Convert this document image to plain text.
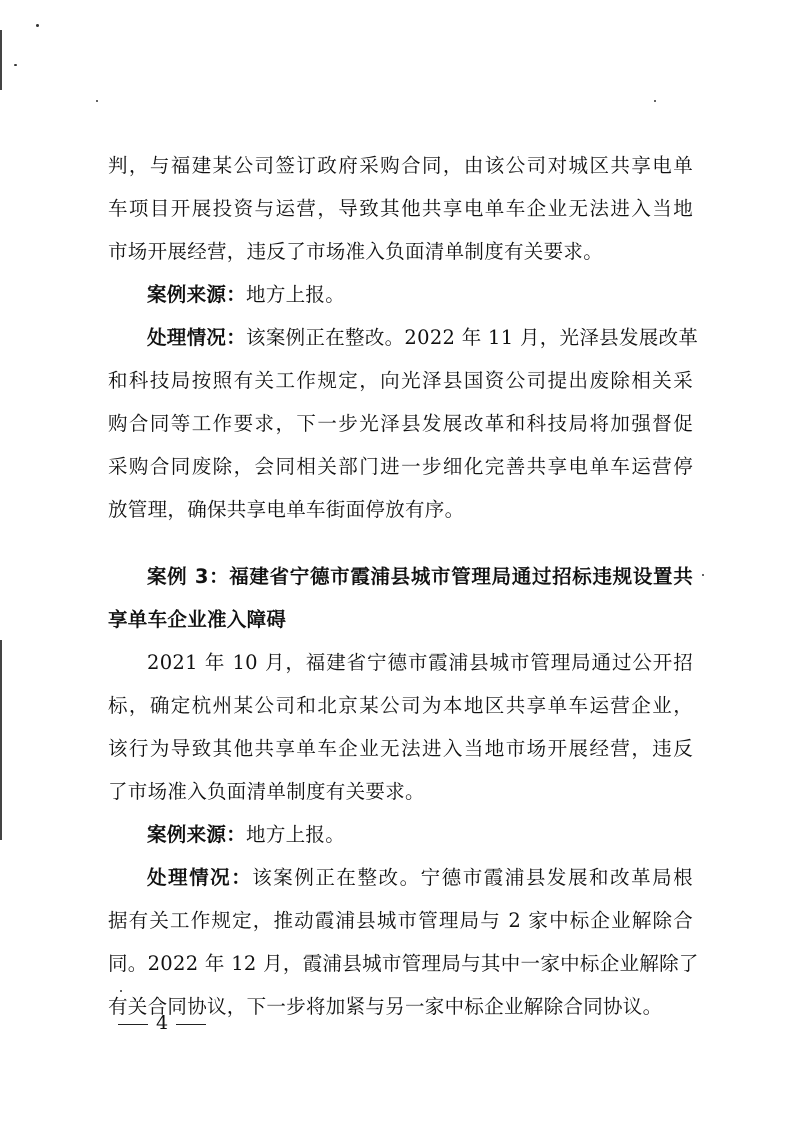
判，与福建某公司签订政府采购合同，由该公司对城区共享电单
车项目开展投资与运营，导致其他共享电单车企业无法进入当地
市场开展经营，违反了市场准入负面清单制度有关要求。
案例来源：地方上报。
处理情况：该案例正在整改。2022 年 11 月，光泽县发展改革
和科技局按照有关工作规定，向光泽县国资公司提出废除相关采
购合同等工作要求，下一步光泽县发展改革和科技局将加强督促
采购合同废除，会同相关部门进一步细化完善共享电单车运营停
放管理，确保共享电单车街面停放有序。
案例 3：福建省宁德市霞浦县城市管理局通过招标违规设置共
享单车企业准入障碍
2021 年 10 月，福建省宁德市霞浦县城市管理局通过公开招
标，确定杭州某公司和北京某公司为本地区共享单车运营企业，
该行为导致其他共享单车企业无法进入当地市场开展经营，违反
了市场准入负面清单制度有关要求。
案例来源：地方上报。
处理情况：该案例正在整改。宁德市霞浦县发展和改革局根
据有关工作规定，推动霞浦县城市管理局与 2 家中标企业解除合
同。2022 年 12 月，霞浦县城市管理局与其中一家中标企业解除了
有关合同协议，下一步将加紧与另一家中标企业解除合同协议。
4
